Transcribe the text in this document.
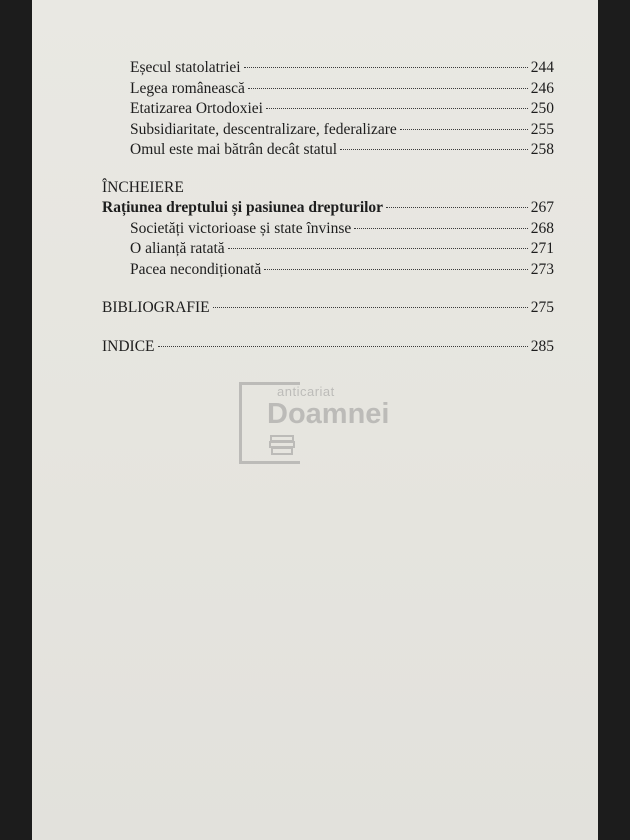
Eșecul statolatriei	244
Legea românească	246
Etatizarea Ortodoxiei	250
Subsidiaritate, descentralizare, federalizare	255
Omul este mai bătrân decât statul	258
ÎNCHEIERE
Rațiunea dreptului și pasiunea drepturilor	267
Societăți victorioase și state învinse	268
O alianță ratată	271
Pacea necondiționată	273
BIBLIOGRAFIE	275
INDICE	285
anticariat
Doamnei
